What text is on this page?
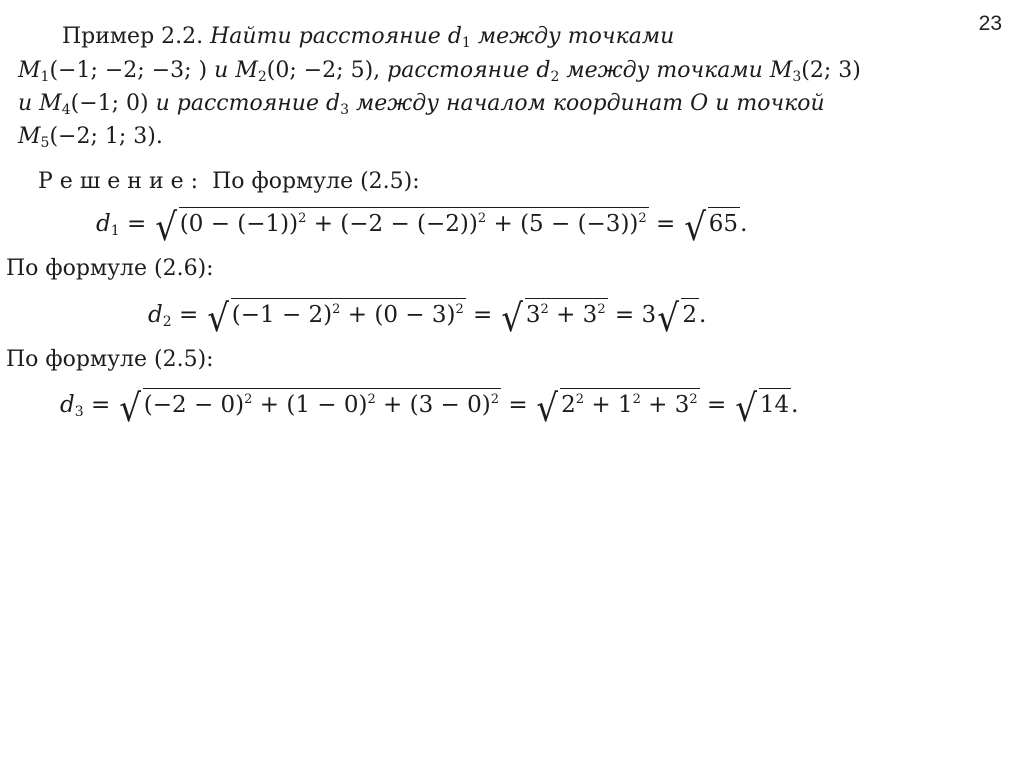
23
Пример 2.2. Найти расстояние $d_1$ между точками
$M_1(-1$; −2; −3; ) и $M_2(0$; −2; 5), расстояние $d_2$ между точками $M_3(2$; 3)
и $M_4(-1$; 0) и расстояние $d_3$ между началом координат O и точкой
$M_5(-2$; 1; 3).
Решение: По формуле (2.5):
$d_1$ = √ $(0 - (-1))^2 + (-2 - (-2))^2 + (5 - (-3))^2$ = √ 65.
По формуле (2.6):
$d_2$ = √ $(-1 - 2)^2 + (0 - 3)^2$ = √ $3^2 + 3^2 = 3√$ 2.
По формуле (2.5):
$d_3$ = √ $(-2 - 0)^2 + (1 - 0)^2 + (3 - 0)^2$ = √ $2^2 + 1^2 + 3^2$ = √ 14.
